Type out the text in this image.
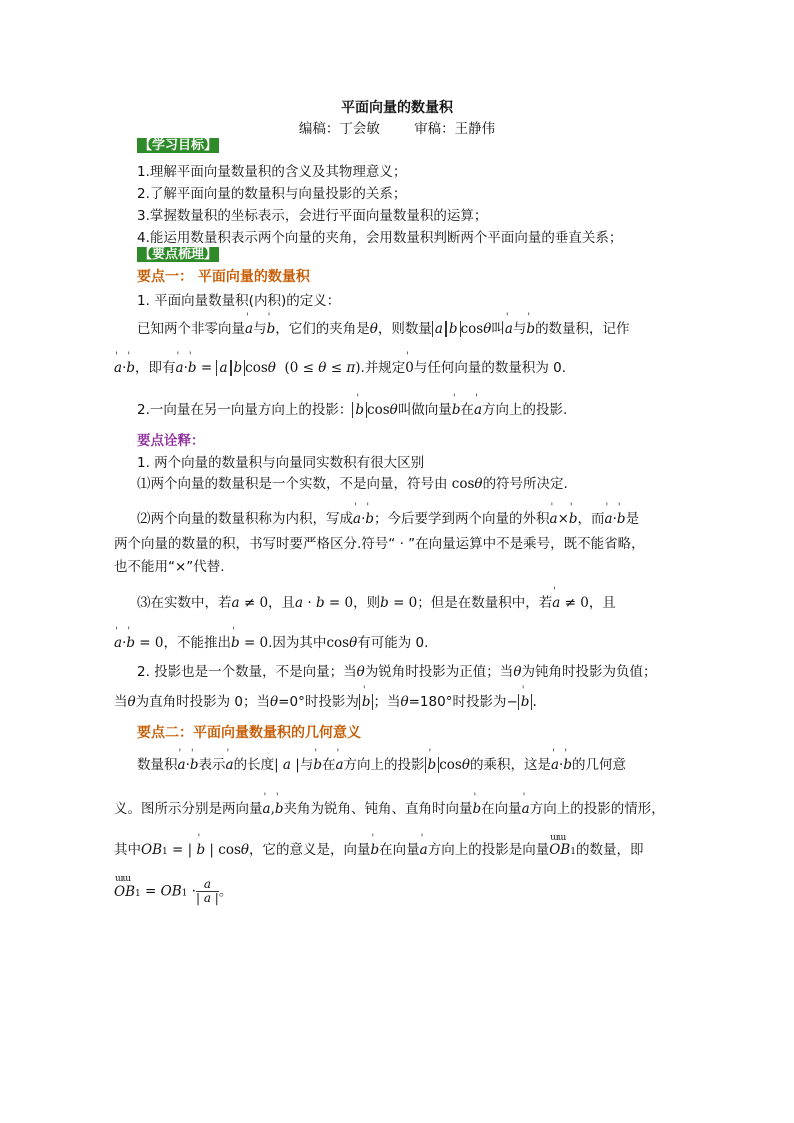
平面向量的数量积
编稿：丁会敏	审稿：王静伟
【学习目标】
1.理解平面向量数量积的含义及其物理意义；
2.了解平面向量的数量积与向量投影的关系；
3.掌握数量积的坐标表示，会进行平面向量数量积的运算；
4.能运用数量积表示两个向量的夹角，会用数量积判断两个平面向量的垂直关系；
【要点梳理】
要点一： 平面向量的数量积
1. 平面向量数量积(内积)的定义：
已知两个非零向量' a与' b，它们的夹角是θ，则数量 a b cosθ叫' a与' b的数量积，记作
' a·' b，即有' a·' b = a b cosθ  (0 ≤ θ ≤ π).并规定' 0与任何向量的数量积为 0.
2.一向量在另一向量方向上的投影： ' b cosθ叫做向量' b在' a方向上的投影.
要点诠释：
1. 两个向量的数量积与向量同实数积有很大区别
⑴两个向量的数量积是一个实数，不是向量，符号由 cosθ的符号所决定.
⑵两个向量的数量积称为内积，写成' a·' b；今后要学到两个向量的外积' a×' b，而' a·' b是
两个向量的数量的积，书写时要严格区分.符号“ · ”在向量运算中不是乘号，既不能省略，
也不能用“×”代替.
⑶在实数中，若a ≠ 0，且a · b = 0，则b = 0；但是在数量积中，若' a ≠ 0，且
' a·' b = 0，不能推出' b = 0.因为其中cosθ有可能为 0.
2. 投影也是一个数量，不是向量；当θ为锐角时投影为正值；当θ为钝角时投影为负值；
当θ为直角时投影为 0；当θ=0°时投影为 ' b ；当θ=180°时投影为− ' b .
要点二：平面向量数量积的几何意义
数量积' a·' b表示' a的长度| a |与' b在' a方向上的投影 ' b cosθ的乘积，这是' a·' b的几何意
义。图所示分别是两向量' a,' b夹角为锐角、钝角、直角时向量' b在向量' a方向上的投影的情形，
其中OB1 = | ' b | cosθ，它的意义是，向量' b在向量' a方向上的投影是向量
ɯɯ
OB1的数量，即
ɯɯ
$OB1 = OB1 \cdot \frac{a}{| a |}$ 。
